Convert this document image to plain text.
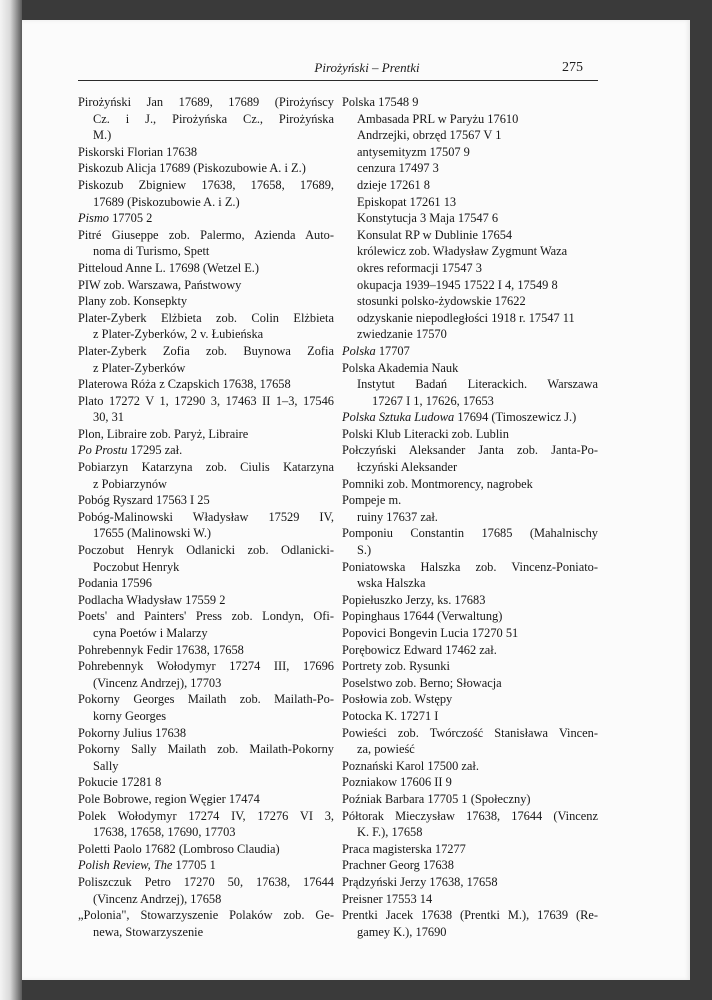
Pirożyński – Prentki	275
Pirożyński Jan 17689, 17689 (Pirożyńscy
Cz. i J., Pirożyńska Cz., Pirożyńska
M.)
Piskorski Florian 17638
Piskozub Alicja 17689 (Piskozubowie A. i Z.)
Piskozub Zbigniew 17638, 17658, 17689,
17689 (Piskozubowie A. i Z.)
Pismo 17705 2
Pitré Giuseppe zob. Palermo, Azienda Auto-
noma di Turismo, Spett
Pitteloud Anne L. 17698 (Wetzel E.)
PIW zob. Warszawa, Państwowy
Plany zob. Konsepkty
Plater-Zyberk Elżbieta zob. Colin Elżbieta
z Plater-Zyberków, 2 v. Łubieńska
Plater-Zyberk Zofia zob. Buynowa Zofia
z Plater-Zyberków
Platerowa Róża z Czapskich 17638, 17658
Plato 17272 V 1, 17290 3, 17463 II 1–3, 17546
30, 31
Plon, Libraire zob. Paryż, Libraire
Po Prostu 17295 zał.
Pobiarzyn Katarzyna zob. Ciulis Katarzyna
z Pobiarzynów
Pobóg Ryszard 17563 I 25
Pobóg-Malinowski Władysław 17529 IV,
17655 (Malinowski W.)
Poczobut Henryk Odlanicki zob. Odlanicki-
Poczobut Henryk
Podania 17596
Podlacha Władysław 17559 2
Poets' and Painters' Press zob. Londyn, Ofi-
cyna Poetów i Malarzy
Pohrebennyk Fedir 17638, 17658
Pohrebennyk Wołodymyr 17274 III, 17696
(Vincenz Andrzej), 17703
Pokorny Georges Mailath zob. Mailath-Po-
korny Georges
Pokorny Julius 17638
Pokorny Sally Mailath zob. Mailath-Pokorny
Sally
Pokucie 17281 8
Pole Bobrowe, region Węgier 17474
Polek Wołodymyr 17274 IV, 17276 VI 3,
17638, 17658, 17690, 17703
Poletti Paolo 17682 (Lombroso Claudia)
Polish Review, The 17705 1
Poliszczuk Petro 17270 50, 17638, 17644
(Vincenz Andrzej), 17658
„Polonia", Stowarzyszenie Polaków zob. Ge-
newa, Stowarzyszenie
Polska 17548 9
Ambasada PRL w Paryżu 17610
Andrzejki, obrzęd 17567 V 1
antysemityzm 17507 9
cenzura 17497 3
dzieje 17261 8
Episkopat 17261 13
Konstytucja 3 Maja 17547 6
Konsulat RP w Dublinie 17654
królewicz zob. Władysław Zygmunt Waza
okres reformacji 17547 3
okupacja 1939–1945 17522 I 4, 17549 8
stosunki polsko-żydowskie 17622
odzyskanie niepodległości 1918 r. 17547 11
zwiedzanie 17570
Polska 17707
Polska Akademia Nauk
Instytut Badań Literackich. Warszawa
17267 I 1, 17626, 17653
Polska Sztuka Ludowa 17694 (Timoszewicz J.)
Polski Klub Literacki zob. Lublin
Połczyński Aleksander Janta zob. Janta-Po-
łczyński Aleksander
Pomniki zob. Montmorency, nagrobek
Pompeje m.
ruiny 17637 zał.
Pomponiu Constantin 17685 (Mahalnischy
S.)
Poniatowska Halszka zob. Vincenz-Poniato-
wska Halszka
Popiełuszko Jerzy, ks. 17683
Popinghaus 17644 (Verwaltung)
Popovici Bongevin Lucia 17270 51
Porębowicz Edward 17462 zał.
Portrety zob. Rysunki
Poselstwo zob. Berno; Słowacja
Posłowia zob. Wstępy
Potocka K. 17271 I
Powieści zob. Twórczość Stanisława Vincen-
za, powieść
Poznański Karol 17500 zał.
Pozniakow 17606 II 9
Poźniak Barbara 17705 1 (Społeczny)
Półtorak Mieczysław 17638, 17644 (Vincenz
K. F.), 17658
Praca magisterska 17277
Prachner Georg 17638
Prądzyński Jerzy 17638, 17658
Preisner 17553 14
Prentki Jacek 17638 (Prentki M.), 17639 (Re-
gamey K.), 17690
